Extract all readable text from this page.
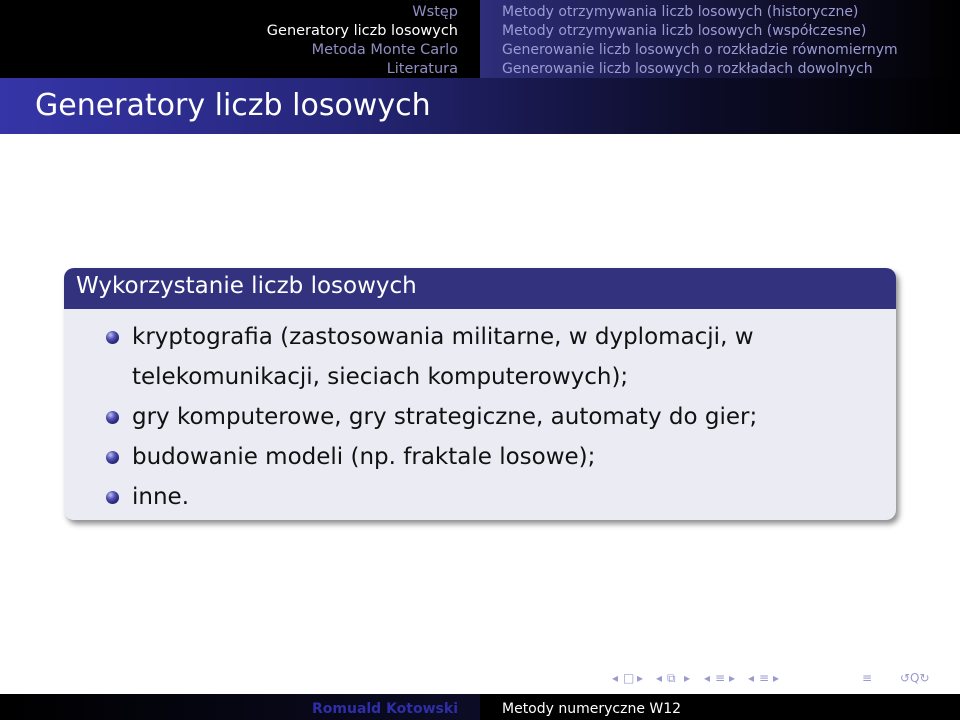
Wstęp
Generatory liczb losowych
Metoda Monte Carlo
Literatura
Metody otrzymywania liczb losowych (historyczne)
Metody otrzymywania liczb losowych (współczesne)
Generowanie liczb losowych o rozkładzie równomiernym
Generowanie liczb losowych o rozkładach dowolnych
Generatory liczb losowych
Wykorzystanie liczb losowych
kryptografia (zastosowania militarne, w dyplomacji, w
telekomunikacji, sieciach komputerowych);
gry komputerowe, gry strategiczne, automaty do gier;
budowanie modeli (np. fraktale losowe);
inne.
◂ □ ▸ ◂ ⧉ ▸ ◂ ≡ ▸ ◂ ≡ ▸	≡ ↺Q↻
Romuald Kotowski	Metody numeryczne W12
